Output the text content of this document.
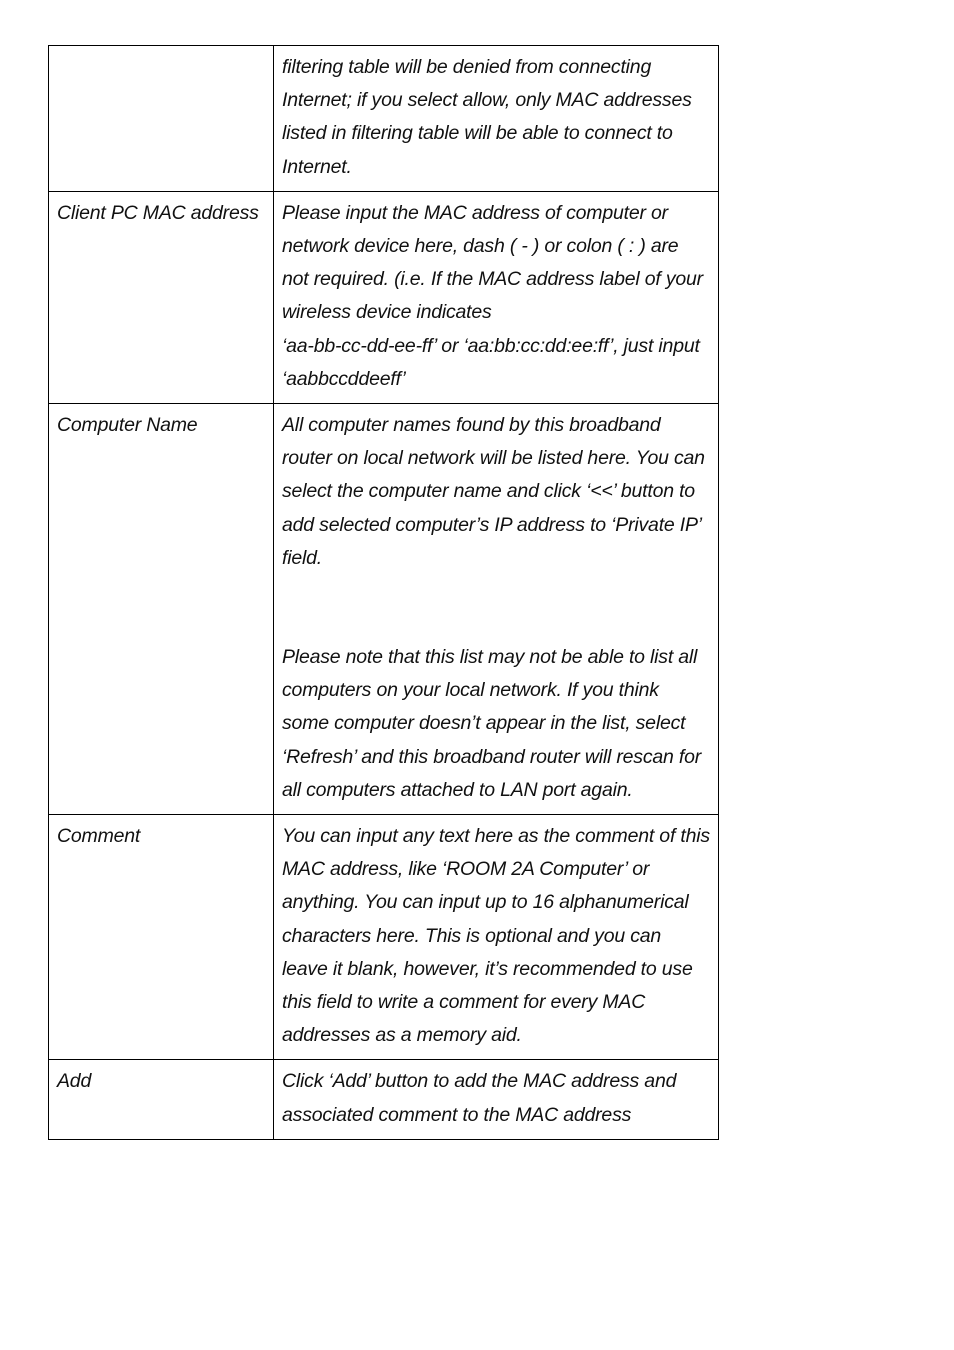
	filtering table will be denied from connecting Internet; if you select allow, only MAC addresses listed in filtering table will be able to connect to Internet.

Client PC MAC address	Please input the MAC address of computer or network device here, dash ( - ) or colon ( : ) are not required. (i.e. If the MAC address label of your wireless device indicates

‘aa-bb-cc-dd-ee-ff’ or ‘aa:bb:cc:dd:ee:ff’, just input ‘aabbccddeeff’

Computer Name	All computer names found by this broadband router on local network will be listed here. You can select the computer name and click ‘<<’ button to add selected computer’s IP address to ‘Private IP’ field.

Please note that this list may not be able to list all computers on your local network. If you think some computer doesn’t appear in the list, select ‘Refresh’ and this broadband router will rescan for all computers attached to LAN port again.

Comment	You can input any text here as the comment of this MAC address, like ‘ROOM 2A Computer’ or anything. You can input up to 16 alphanumerical characters here. This is optional and you can leave it blank, however, it’s recommended to use this field to write a comment for every MAC addresses as a memory aid.

Add	Click ‘Add’ button to add the MAC address and associated comment to the MAC address
